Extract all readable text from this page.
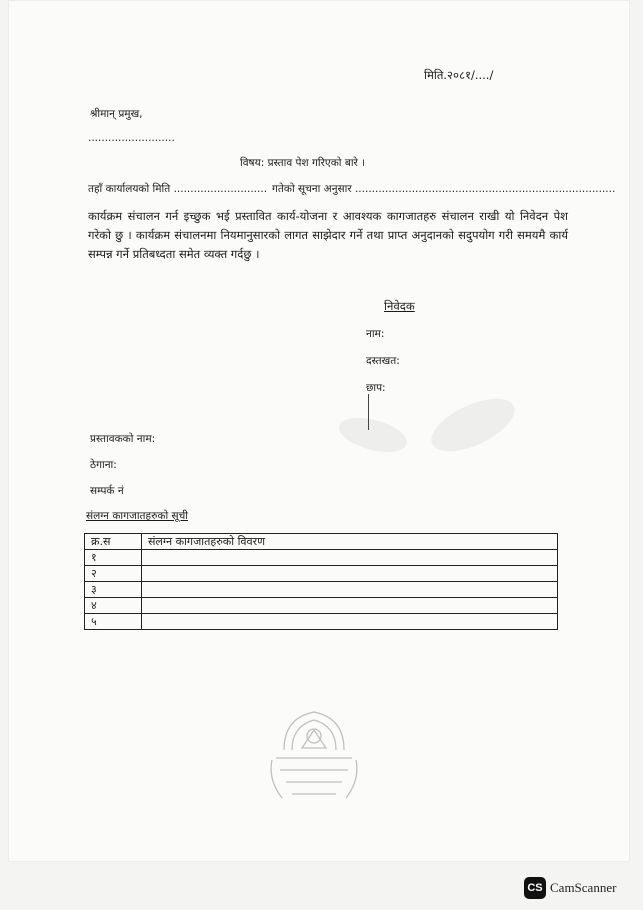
मिति.२०८१/..../
श्रीमान् प्रमुख,
..........................
विषय: प्रस्ताव पेश गरिएको बारे ।
तहाँ कार्यालयको मिति ............................ गतेको सूचना अनुसार ..............................................................................
कार्यक्रम संचालन गर्न इच्छुक भई प्रस्तावित कार्य-योजना र आवश्यक कागजातहरु संचालन राखी यो निवेदन पेश गरेको छु । कार्यक्रम संचालनमा नियमानुसारको लागत साझेदार गर्ने तथा प्राप्त अनुदानको सदुपयोग गरी समयमै कार्य सम्पन्न गर्ने प्रतिबध्दता समेत व्यक्त गर्दछु ।
निवेदक
नाम:
दस्तखत:
छाप:
प्रस्तावकको नाम:
ठेगाना:
सम्पर्क नं
संलग्न कागजातहरुको सूची
क्र.स	संलग्न कागजातहरुको विवरण
१	
२	
३	
४	
५	
CS CamScanner
